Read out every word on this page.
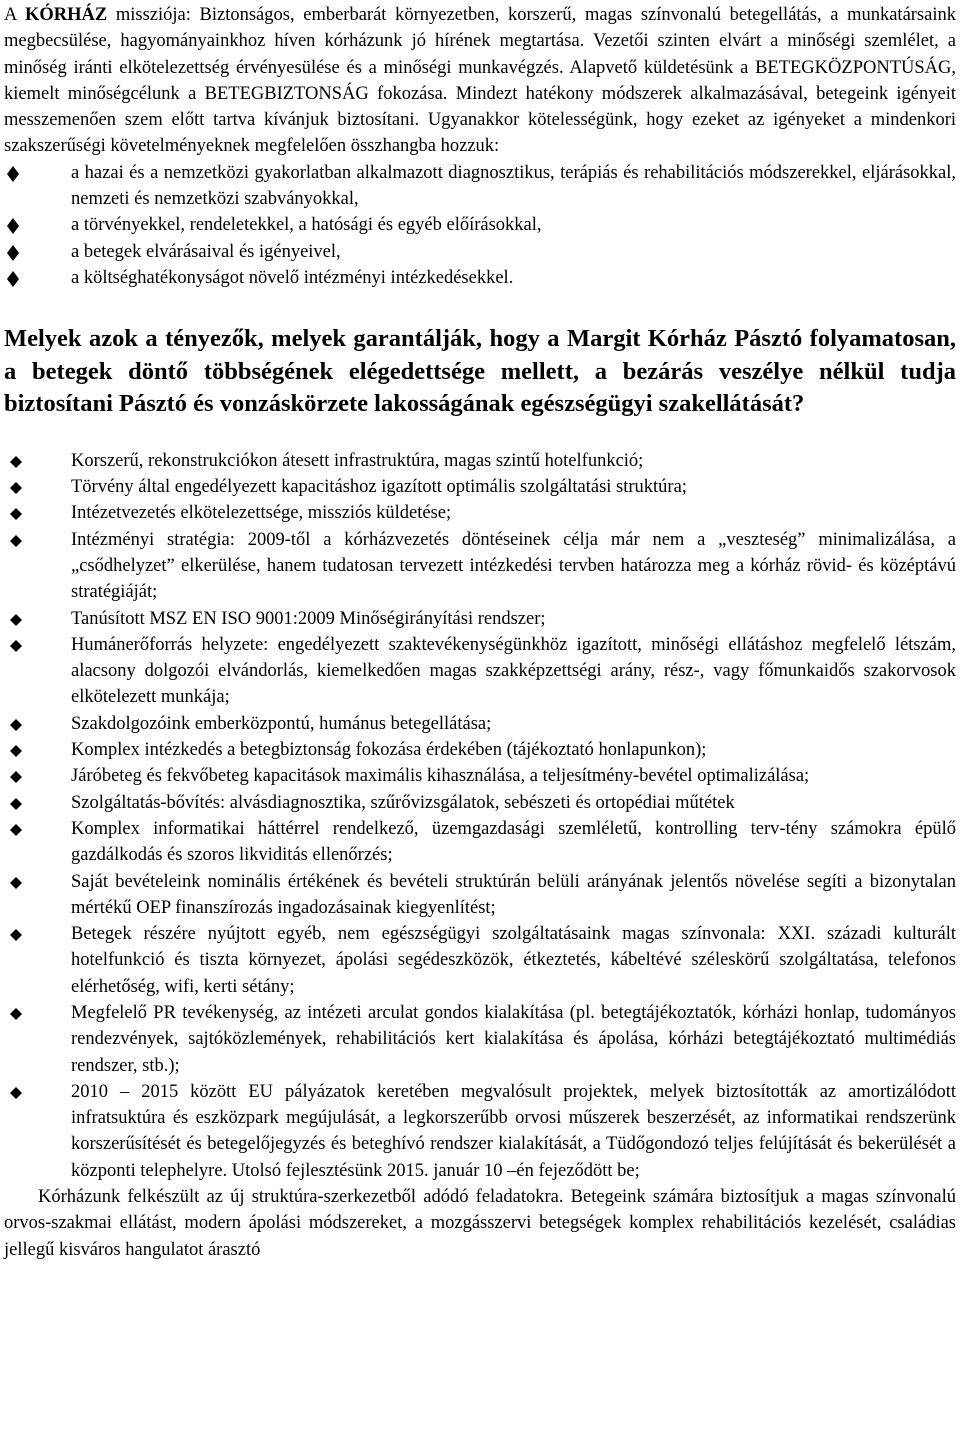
A KÓRHÁZ missziója: Biztonságos, emberbarát környezetben, korszerű, magas színvonalú betegellátás, a munkatársaink megbecsülése, hagyományainkhoz híven kórházunk jó hírének megtartása. Vezetői szinten elvárt a minőségi szemlélet, a minőség iránti elkötelezettség érvényesülése és a minőségi munkavégzés. Alapvető küldetésünk a BETEGKÖZPONTÚSÁG, kiemelt minőségcélunk a BETEGBIZTONSÁG fokozása. Mindezt hatékony módszerek alkalmazásával, betegeink igényeit messzemenően szem előtt tartva kívánjuk biztosítani. Ugyanakkor kötelességünk, hogy ezeket az igényeket a mindenkori szakszerűségi követelményeknek megfelelően összhangba hozzuk:

a hazai és a nemzetközi gyakorlatban alkalmazott diagnosztikus, terápiás és rehabilitációs módszerekkel, eljárásokkal, nemzeti és nemzetközi szabványokkal,
a törvényekkel, rendeletekkel, a hatósági és egyéb előírásokkal,
a betegek elvárásaival és igényeivel,
a költséghatékonyságot növelő intézményi intézkedésekkel.
Melyek azok a tényezők, melyek garantálják, hogy a Margit Kórház Pásztó folyamatosan, a betegek döntő többségének elégedettsége mellett, a bezárás veszélye nélkül tudja biztosítani Pásztó és vonzáskörzete lakosságának egészségügyi szakellátását?
Korszerű, rekonstrukciókon átesett infrastruktúra, magas szintű hotelfunkció;
Törvény által engedélyezett kapacitáshoz igazított optimális szolgáltatási struktúra;
Intézetvezetés elkötelezettsége, missziós küldetése;
Intézményi stratégia: 2009-től a kórházvezetés döntéseinek célja már nem a „veszteség” minimalizálása, a „csődhelyzet” elkerülése, hanem tudatosan tervezett intézkedési tervben határozza meg a kórház rövid- és középtávú stratégiáját;
Tanúsított MSZ EN ISO 9001:2009 Minőségirányítási rendszer;
Humánerőforrás helyzete: engedélyezett szaktevékenységünkhöz igazított, minőségi ellátáshoz megfelelő létszám, alacsony dolgozói elvándorlás, kiemelkedően magas szakképzettségi arány, rész-, vagy főmunkaidős szakorvosok elkötelezett munkája;
Szakdolgozóink emberközpontú, humánus betegellátása;
Komplex intézkedés a betegbiztonság fokozása érdekében (tájékoztató honlapunkon);
Járóbeteg és fekvőbeteg kapacitások maximális kihasználása, a teljesítmény-bevétel optimalizálása;
Szolgáltatás-bővítés: alvásdiagnosztika, szűrővizsgálatok, sebészeti és ortopédiai műtétek
Komplex informatikai háttérrel rendelkező, üzemgazdasági szemléletű, kontrolling terv-tény számokra épülő gazdálkodás és szoros likviditás ellenőrzés;
Saját bevételeink nominális értékének és bevételi struktúrán belüli arányának jelentős növelése segíti a bizonytalan mértékű OEP finanszírozás ingadozásainak kiegyenlítést;
Betegek részére nyújtott egyéb, nem egészségügyi szolgáltatásaink magas színvonala: XXI. századi kulturált hotelfunkció és tiszta környezet, ápolási segédeszközök, étkeztetés, kábeltévé széleskörű szolgáltatása, telefonos elérhetőség, wifi, kerti sétány;
Megfelelő PR tevékenység, az intézeti arculat gondos kialakítása (pl. betegtájékoztatók, kórházi honlap, tudományos rendezvények, sajtóközlemények, rehabilitációs kert kialakítása és ápolása, kórházi betegtájékoztató multimédiás rendszer, stb.);
2010 – 2015 között EU pályázatok keretében megvalósult projektek, melyek biztosították az amortizálódott infratsuktúra és eszközpark megújulását, a legkorszerűbb orvosi műszerek beszerzését, az informatikai rendszerünk korszerűsítését és betegelőjegyzés és beteghívó rendszer kialakítását, a Tüdőgondozó teljes felújítását és bekerülését a központi telephelyre. Utolsó fejlesztésünk 2015. január 10 –én fejeződött be;

Kórházunk felkészült az új struktúra-szerkezetből adódó feladatokra. Betegeink számára biztosítjuk a magas színvonalú orvos-szakmai ellátást, modern ápolási módszereket, a mozgásszervi betegségek komplex rehabilitációs kezelését, családias jellegű kisváros hangulatot árasztó
